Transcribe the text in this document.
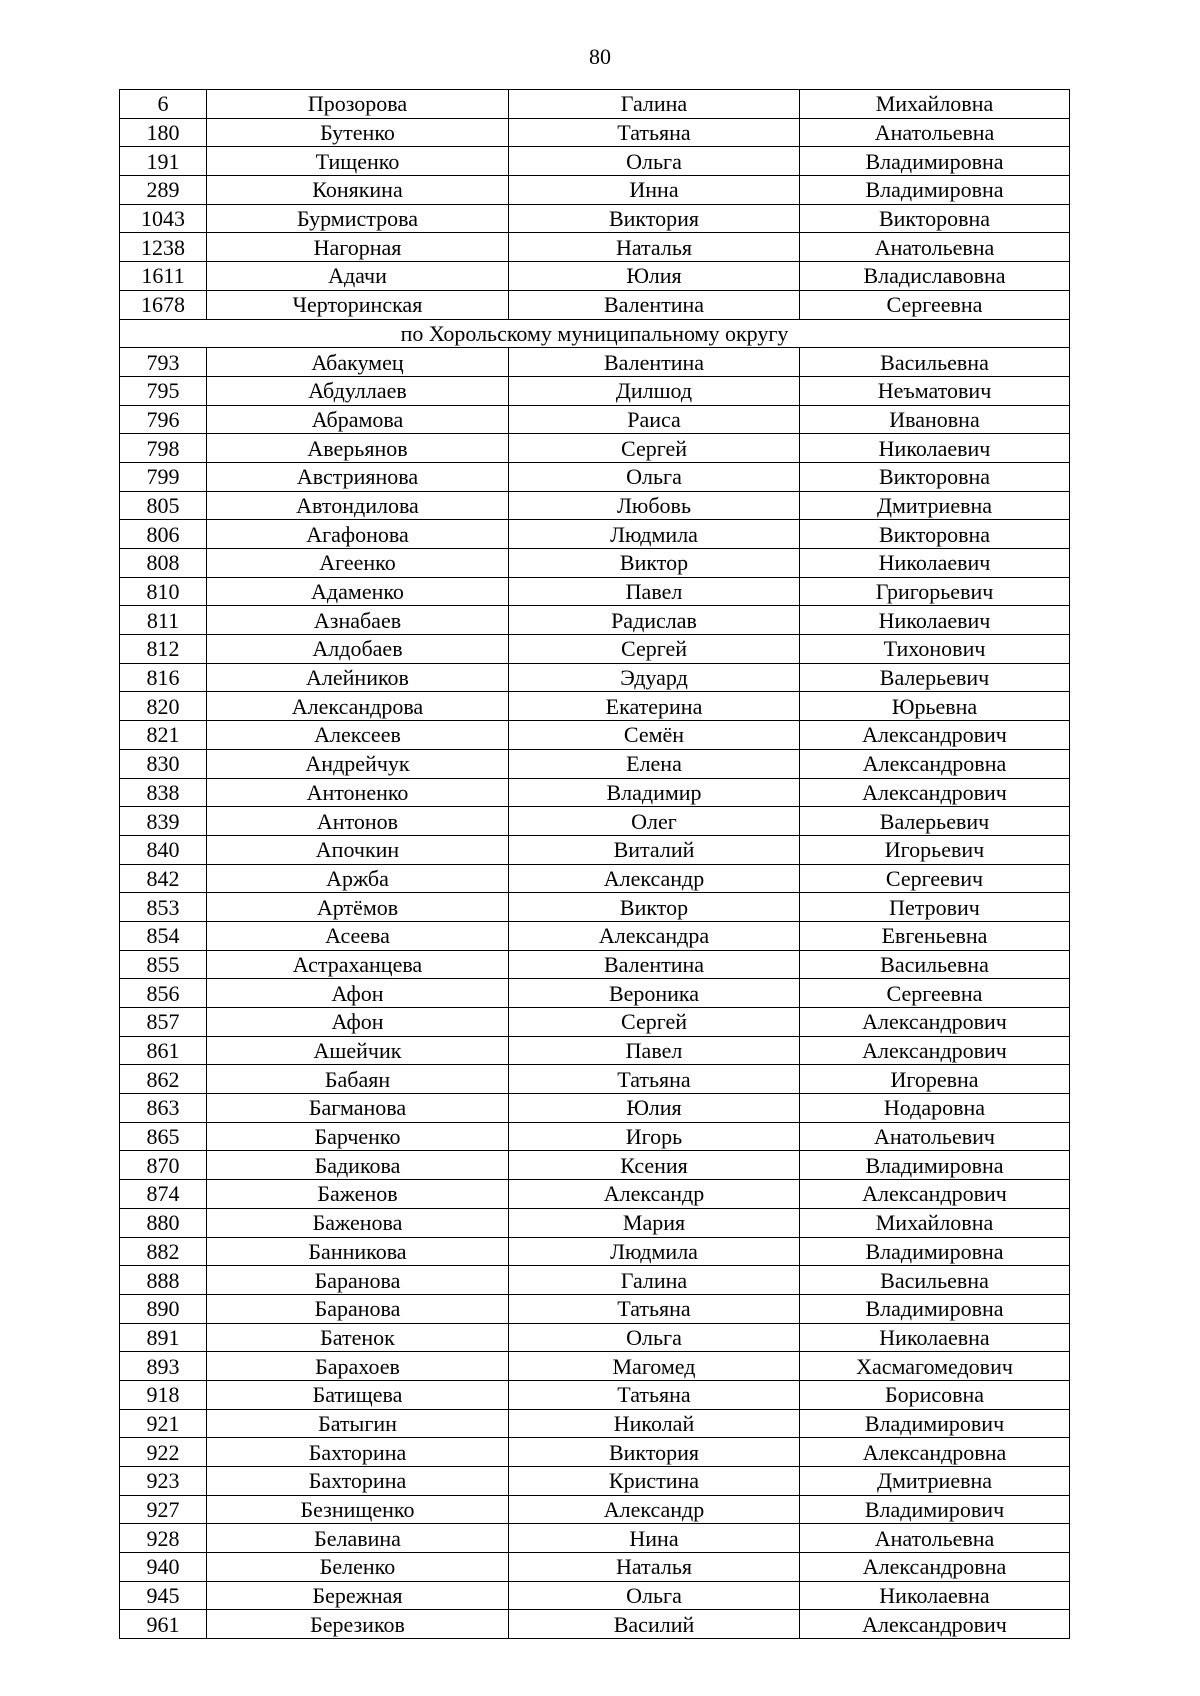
80
6	Прозорова	Галина	Михайловна
180	Бутенко	Татьяна	Анатольевна
191	Тищенко	Ольга	Владимировна
289	Конякина	Инна	Владимировна
1043	Бурмистрова	Виктория	Викторовна
1238	Нагорная	Наталья	Анатольевна
1611	Адачи	Юлия	Владиславовна
1678	Черторинская	Валентина	Сергеевна
по Хорольскому муниципальному округу			
793	Абакумец	Валентина	Васильевна
795	Абдуллаев	Дилшод	Неъматович
796	Абрамова	Раиса	Ивановна
798	Аверьянов	Сергей	Николаевич
799	Австриянова	Ольга	Викторовна
805	Автондилова	Любовь	Дмитриевна
806	Агафонова	Людмила	Викторовна
808	Агеенко	Виктор	Николаевич
810	Адаменко	Павел	Григорьевич
811	Азнабаев	Радислав	Николаевич
812	Алдобаев	Сергей	Тихонович
816	Алейников	Эдуард	Валерьевич
820	Александрова	Екатерина	Юрьевна
821	Алексеев	Семён	Александрович
830	Андрейчук	Елена	Александровна
838	Антоненко	Владимир	Александрович
839	Антонов	Олег	Валерьевич
840	Апочкин	Виталий	Игорьевич
842	Аржба	Александр	Сергеевич
853	Артёмов	Виктор	Петрович
854	Асеева	Александра	Евгеньевна
855	Астраханцева	Валентина	Васильевна
856	Афон	Вероника	Сергеевна
857	Афон	Сергей	Александрович
861	Ашейчик	Павел	Александрович
862	Бабаян	Татьяна	Игоревна
863	Багманова	Юлия	Нодаровна
865	Барченко	Игорь	Анатольевич
870	Бадикова	Ксения	Владимировна
874	Баженов	Александр	Александрович
880	Баженова	Мария	Михайловна
882	Банникова	Людмила	Владимировна
888	Баранова	Галина	Васильевна
890	Баранова	Татьяна	Владимировна
891	Батенок	Ольга	Николаевна
893	Барахоев	Магомед	Хасмагомедович
918	Батищева	Татьяна	Борисовна
921	Батыгин	Николай	Владимирович
922	Бахторина	Виктория	Александровна
923	Бахторина	Кристина	Дмитриевна
927	Безнищенко	Александр	Владимирович
928	Белавина	Нина	Анатольевна
940	Беленко	Наталья	Александровна
945	Бережная	Ольга	Николаевна
961	Березиков	Василий	Александрович
